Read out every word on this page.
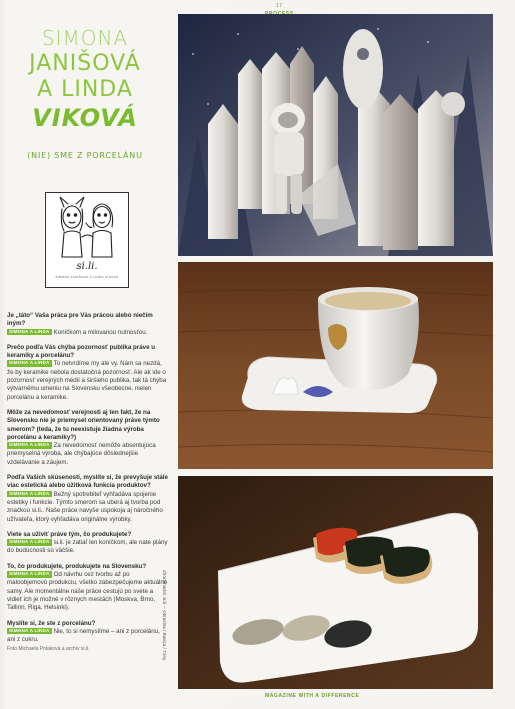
17
SIMONA
JANIŠOVÁ
A LINDA
VIKOVÁ
(NIE) SME Z PORCELÁNU
si.li.
SIMONA JANIŠOVÁ A LINDA VIKOVÁ

Je „táto“ Vaša práca pre Vás prácou alebo niečím iným?

SIMONA A LINDA Koníčkom a milovanou nutnosťou.

Prečo podľa Vás chýba pozornosť publika práve u keramiky a porcelánu?

SIMONA A LINDA To netvrdíme my ale vy. Nám sa nezdá, že by keramike nebola dostatočná pozornosť. Ale ak ide o pozornosť verejných médií a širšieho publika, tak tá chýba výtvarnému umeniu na Slovensku všeobecne, nielen porcelánu a keramike.

Môže za nevedomosť verejnosti aj ten fakt, že na Slovensku nie je priemysel orientovaný práve týmto smerom? (teda, že tu neexistuje žiadna výroba porcelánu a keramiky?)

SIMONA A LINDA Za nevedomosť nemôže absentujúca priemyselná výroba, ale chýbajúce dôslednejšie vzdelávanie a záujem.

Podľa Vašich skúseností, myslíte si, že prevyšuje stále viac estetická alebo úžitková funkcia produktov?

SIMONA A LINDA Bežný spotrebiteľ vyhľadáva spojenie estetiky i funkcie. Týmto smerom sa uberá aj tvorba pod značkou si.li.. Naše práce navyše uspokoja aj náročného užívateľa, ktorý vyhľadáva originálne výrobky.

Viete sa uživiť práve tým, čo produkujete?

SIMONA A LINDA si.li. je zatiaľ len koníčkom, ale nate plány do budúcnosti sú väčšie.

To, čo produkujete, produkujete na Slovensku?

SIMONA A LINDA Od návrhu cez tvorbu až po maloobjemovú produkciu, všetko zabezpečujeme aktuálne samy. Ale momentálne naše práce cestujú po svete a vidieť ich je možné v rôznych mestách (Moskva, Brno, Tallinn, Riga, Helsinki).

Myslíte si, že ste z porcelánu?

SIMONA A LINDA Nie, to si nemyslíme – ani z porcelánu, ani z cukru.

Foto Michaela Polaková a archív si.li.	Zhora nadol: si.li. – Obrazina / Basica / Tóny
MAGAZINE WITH A DIFFERENCE
